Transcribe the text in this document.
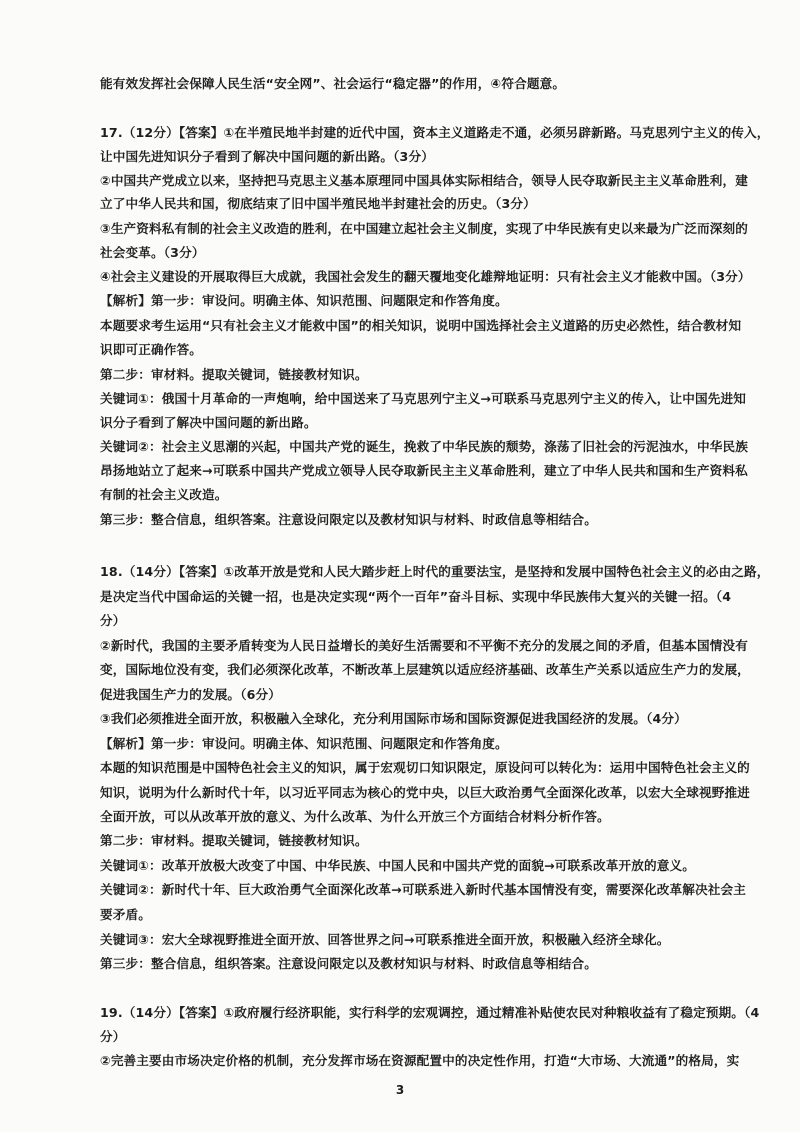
能有效发挥社会保障人民生活“安全网”、社会运行“稳定器”的作用，④符合题意。
17.（12分）【答案】①在半殖民地半封建的近代中国，资本主义道路走不通，必须另辟新路。马克思列宁主义的传入，
让中国先进知识分子看到了解决中国问题的新出路。（3分）
②中国共产党成立以来，坚持把马克思主义基本原理同中国具体实际相结合，领导人民夺取新民主主义革命胜利，建
立了中华人民共和国，彻底结束了旧中国半殖民地半封建社会的历史。（3分）
③生产资料私有制的社会主义改造的胜利，在中国建立起社会主义制度，实现了中华民族有史以来最为广泛而深刻的
社会变革。（3分）
④社会主义建设的开展取得巨大成就，我国社会发生的翻天覆地变化雄辩地证明：只有社会主义才能救中国。（3分）
【解析】第一步：审设问。明确主体、知识范围、问题限定和作答角度。
本题要求考生运用“只有社会主义才能救中国”的相关知识，说明中国选择社会主义道路的历史必然性，结合教材知
识即可正确作答。
第二步：审材料。提取关键词，链接教材知识。
关键词①：俄国十月革命的一声炮响，给中国送来了马克思列宁主义→可联系马克思列宁主义的传入，让中国先进知
识分子看到了解决中国问题的新出路。
关键词②：社会主义思潮的兴起，中国共产党的诞生，挽救了中华民族的颓势，涤荡了旧社会的污泥浊水，中华民族
昂扬地站立了起来→可联系中国共产党成立领导人民夺取新民主主义革命胜利，建立了中华人民共和国和生产资料私
有制的社会主义改造。
第三步：整合信息，组织答案。注意设问限定以及教材知识与材料、时政信息等相结合。
18.（14分）【答案】①改革开放是党和人民大踏步赶上时代的重要法宝，是坚持和发展中国特色社会主义的必由之路，
是决定当代中国命运的关键一招，也是决定实现“两个一百年”奋斗目标、实现中华民族伟大复兴的关键一招。（4
分）
②新时代，我国的主要矛盾转变为人民日益增长的美好生活需要和不平衡不充分的发展之间的矛盾，但基本国情没有
变，国际地位没有变，我们必须深化改革，不断改革上层建筑以适应经济基础、改革生产关系以适应生产力的发展，
促进我国生产力的发展。（6分）
③我们必须推进全面开放，积极融入全球化，充分利用国际市场和国际资源促进我国经济的发展。（4分）
【解析】第一步：审设问。明确主体、知识范围、问题限定和作答角度。
本题的知识范围是中国特色社会主义的知识，属于宏观切口知识限定，原设问可以转化为：运用中国特色社会主义的
知识，说明为什么新时代十年，以习近平同志为核心的党中央，以巨大政治勇气全面深化改革，以宏大全球视野推进
全面开放，可以从改革开放的意义、为什么改革、为什么开放三个方面结合材料分析作答。
第二步：审材料。提取关键词，链接教材知识。
关键词①：改革开放极大改变了中国、中华民族、中国人民和中国共产党的面貌→可联系改革开放的意义。
关键词②：新时代十年、巨大政治勇气全面深化改革→可联系进入新时代基本国情没有变，需要深化改革解决社会主
要矛盾。
关键词③：宏大全球视野推进全面开放、回答世界之问→可联系推进全面开放，积极融入经济全球化。
第三步：整合信息，组织答案。注意设问限定以及教材知识与材料、时政信息等相结合。
19.（14分）【答案】①政府履行经济职能，实行科学的宏观调控，通过精准补贴使农民对种粮收益有了稳定预期。（4
分）
②完善主要由市场决定价格的机制，充分发挥市场在资源配置中的决定性作用，打造“大市场、大流通”的格局，实
3
